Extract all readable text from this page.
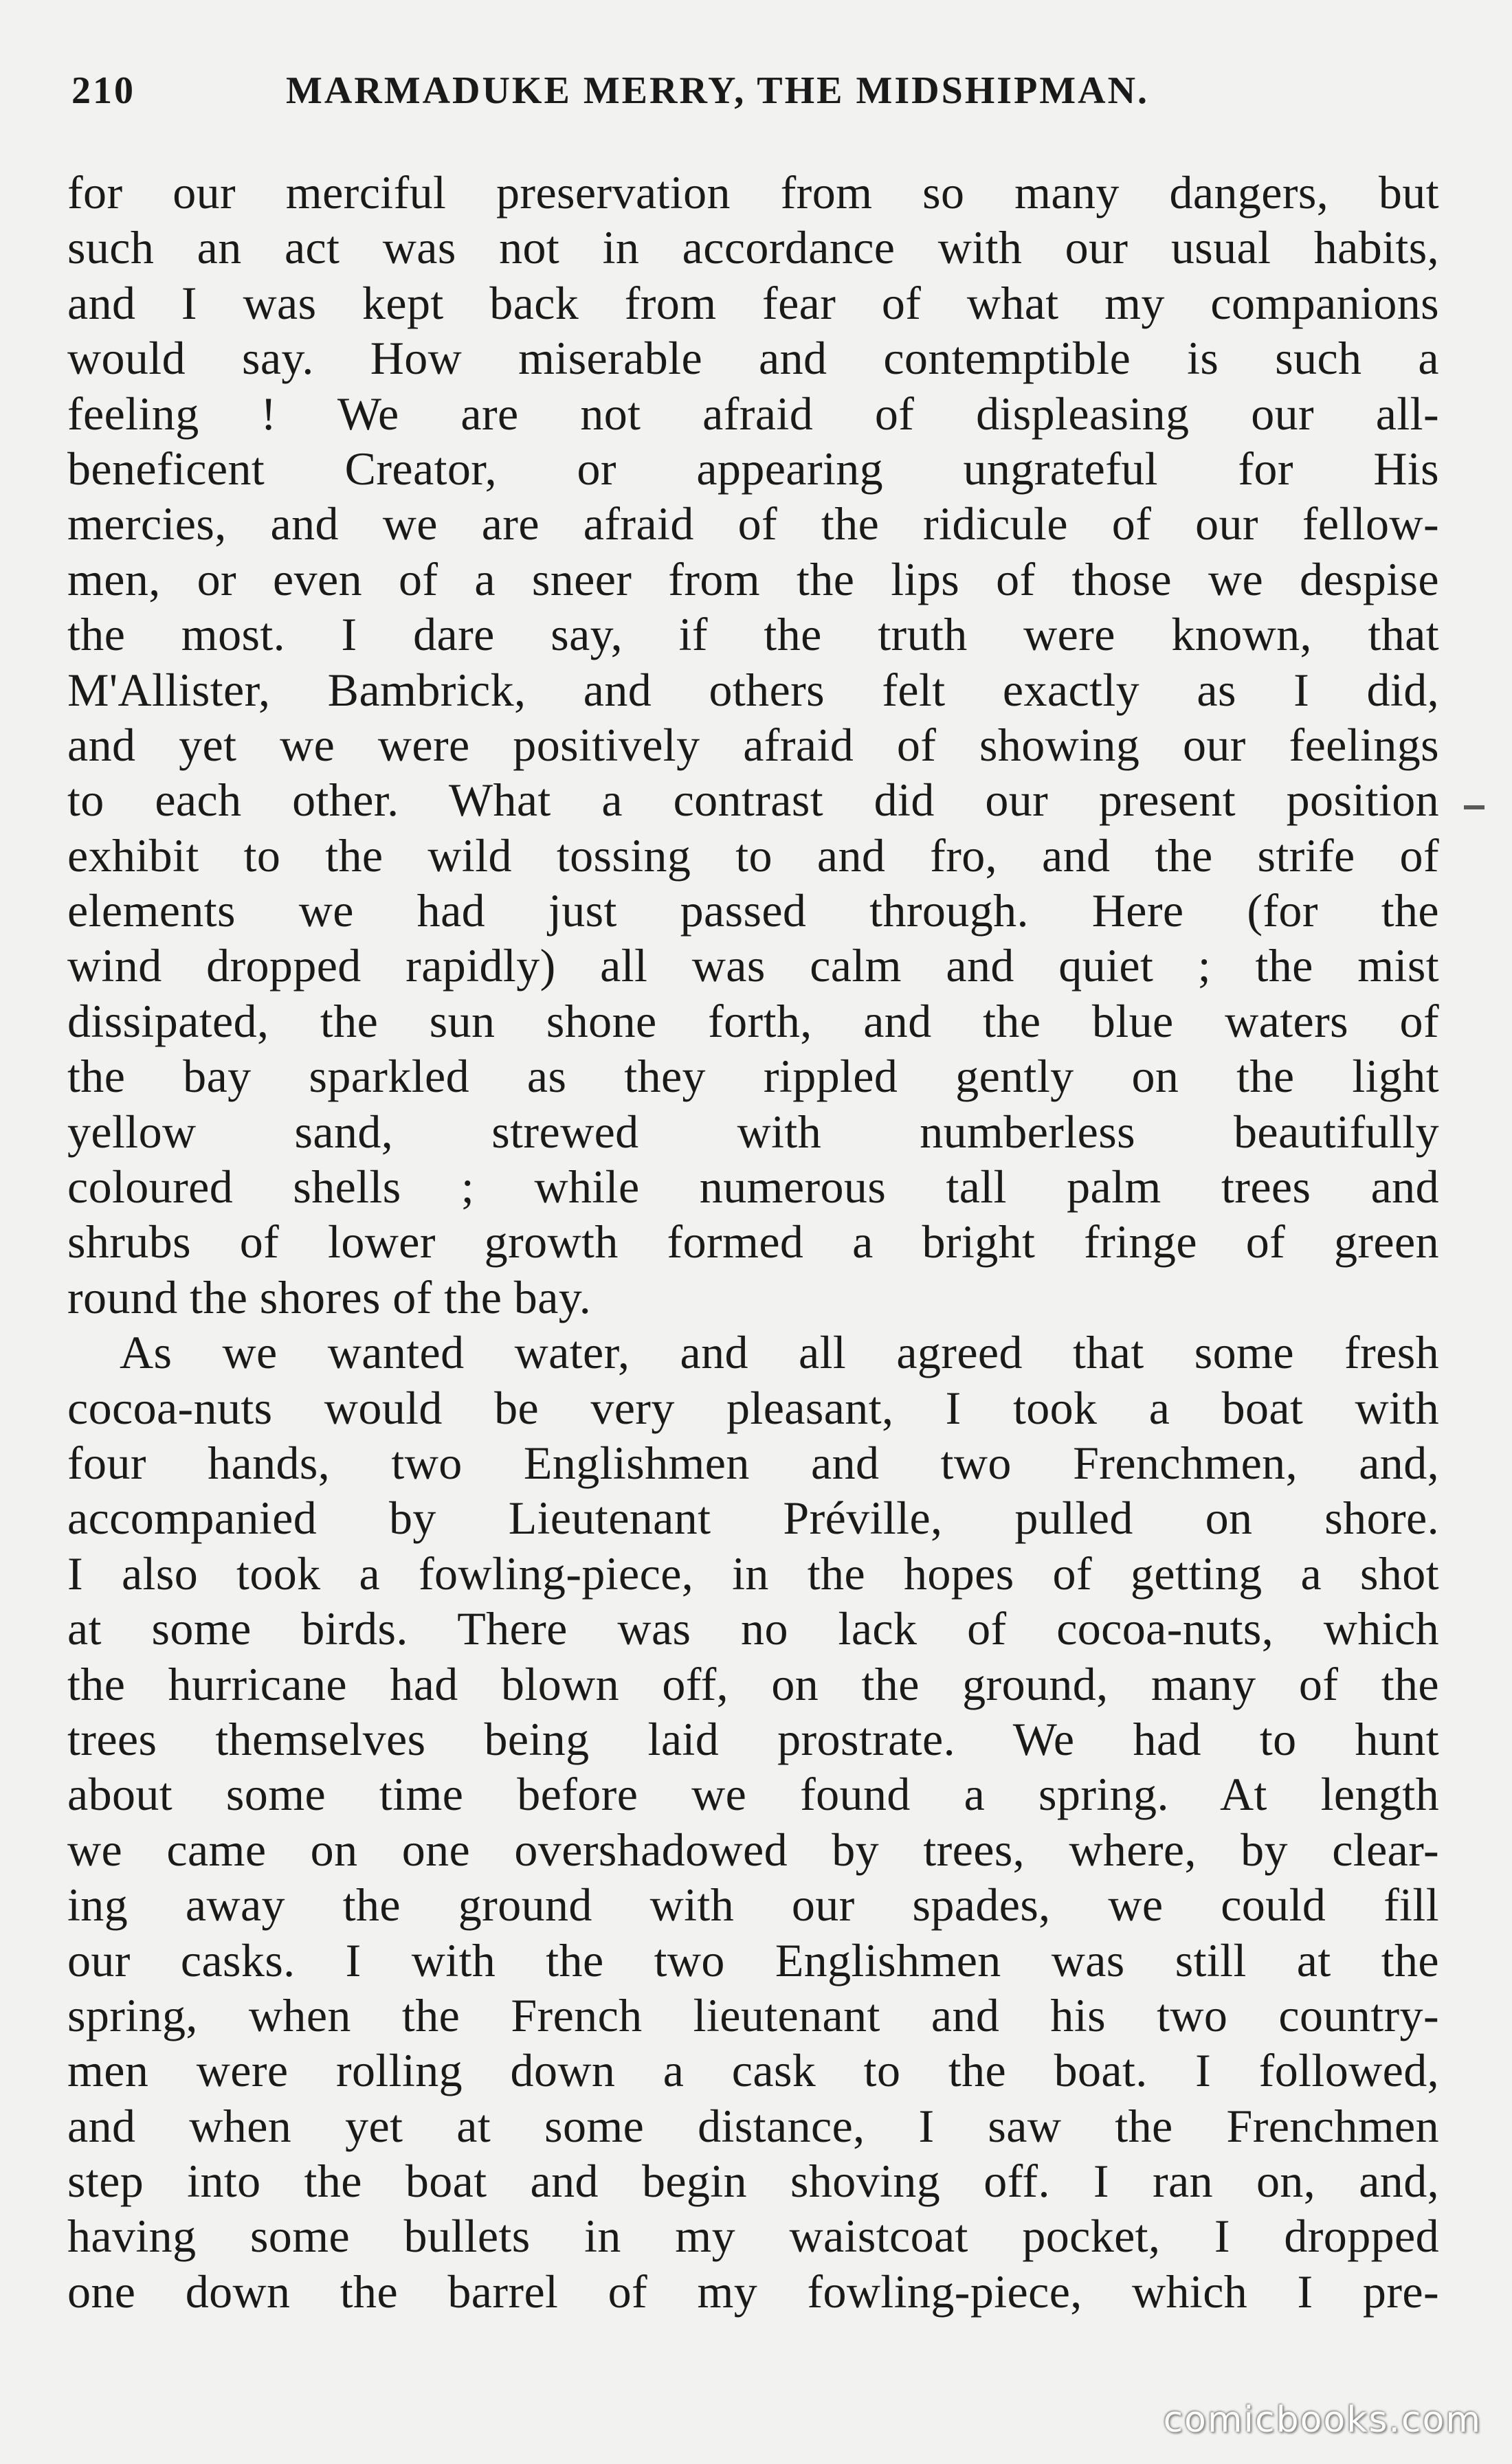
210	MARMADUKE MERRY, THE MIDSHIPMAN.
for our merciful preservation from so many dangers, but
such an act was not in accordance with our usual habits,
and I was kept back from fear of what my companions
would say. How miserable and contemptible is such a
feeling ! We are not afraid of displeasing our all-
beneficent Creator, or appearing ungrateful for His
mercies, and we are afraid of the ridicule of our fellow-
men, or even of a sneer from the lips of those we despise
the most. I dare say, if the truth were known, that
M'Allister, Bambrick, and others felt exactly as I did,
and yet we were positively afraid of showing our feelings
to each other. What a contrast did our present position
exhibit to the wild tossing to and fro, and the strife of
elements we had just passed through. Here (for the
wind dropped rapidly) all was calm and quiet ; the mist
dissipated, the sun shone forth, and the blue waters of
the bay sparkled as they rippled gently on the light
yellow sand, strewed with numberless beautifully
coloured shells ; while numerous tall palm trees and
shrubs of lower growth formed a bright fringe of green
round the shores of the bay.
As we wanted water, and all agreed that some fresh
cocoa-nuts would be very pleasant, I took a boat with
four hands, two Englishmen and two Frenchmen, and,
accompanied by Lieutenant Préville, pulled on shore.
I also took a fowling-piece, in the hopes of getting a shot
at some birds. There was no lack of cocoa-nuts, which
the hurricane had blown off, on the ground, many of the
trees themselves being laid prostrate. We had to hunt
about some time before we found a spring. At length
we came on one overshadowed by trees, where, by clear-
ing away the ground with our spades, we could fill
our casks. I with the two Englishmen was still at the
spring, when the French lieutenant and his two country-
men were rolling down a cask to the boat. I followed,
and when yet at some distance, I saw the Frenchmen
step into the boat and begin shoving off. I ran on, and,
having some bullets in my waistcoat pocket, I dropped
one down the barrel of my fowling-piece, which I pre-
comicbooks.com
